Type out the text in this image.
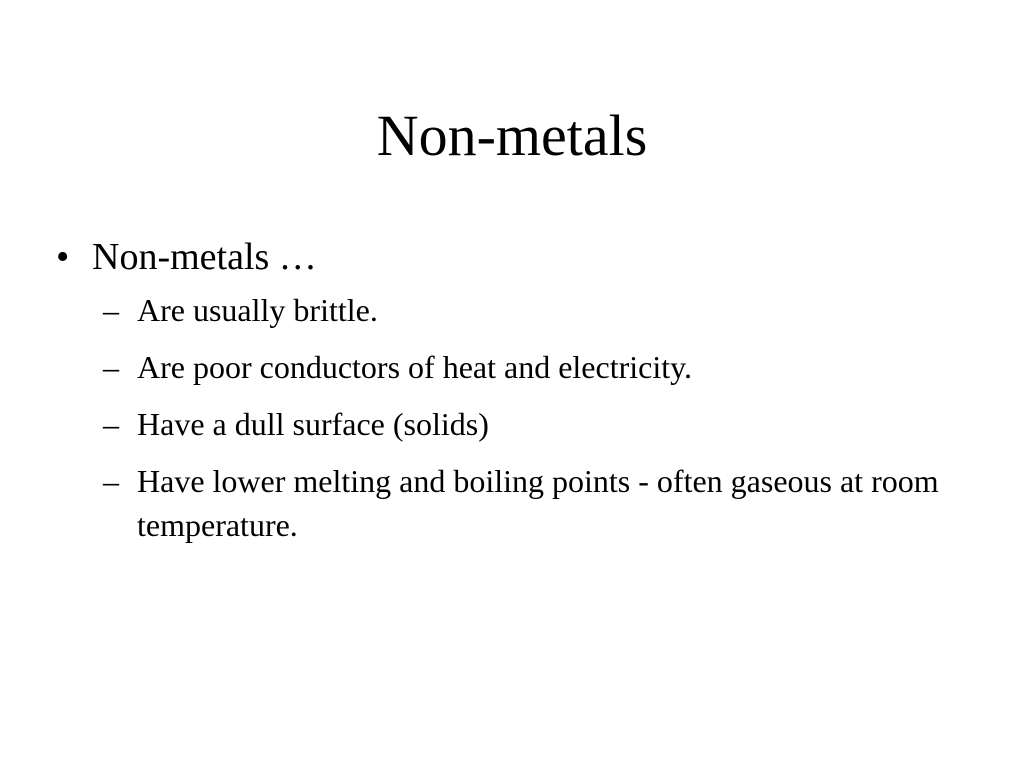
Non-metals
• Non-metals …
– Are usually brittle.
– Are poor conductors of heat and electricity.
– Have a dull surface (solids)
– Have lower melting and boiling points - often gaseous at room temperature.
